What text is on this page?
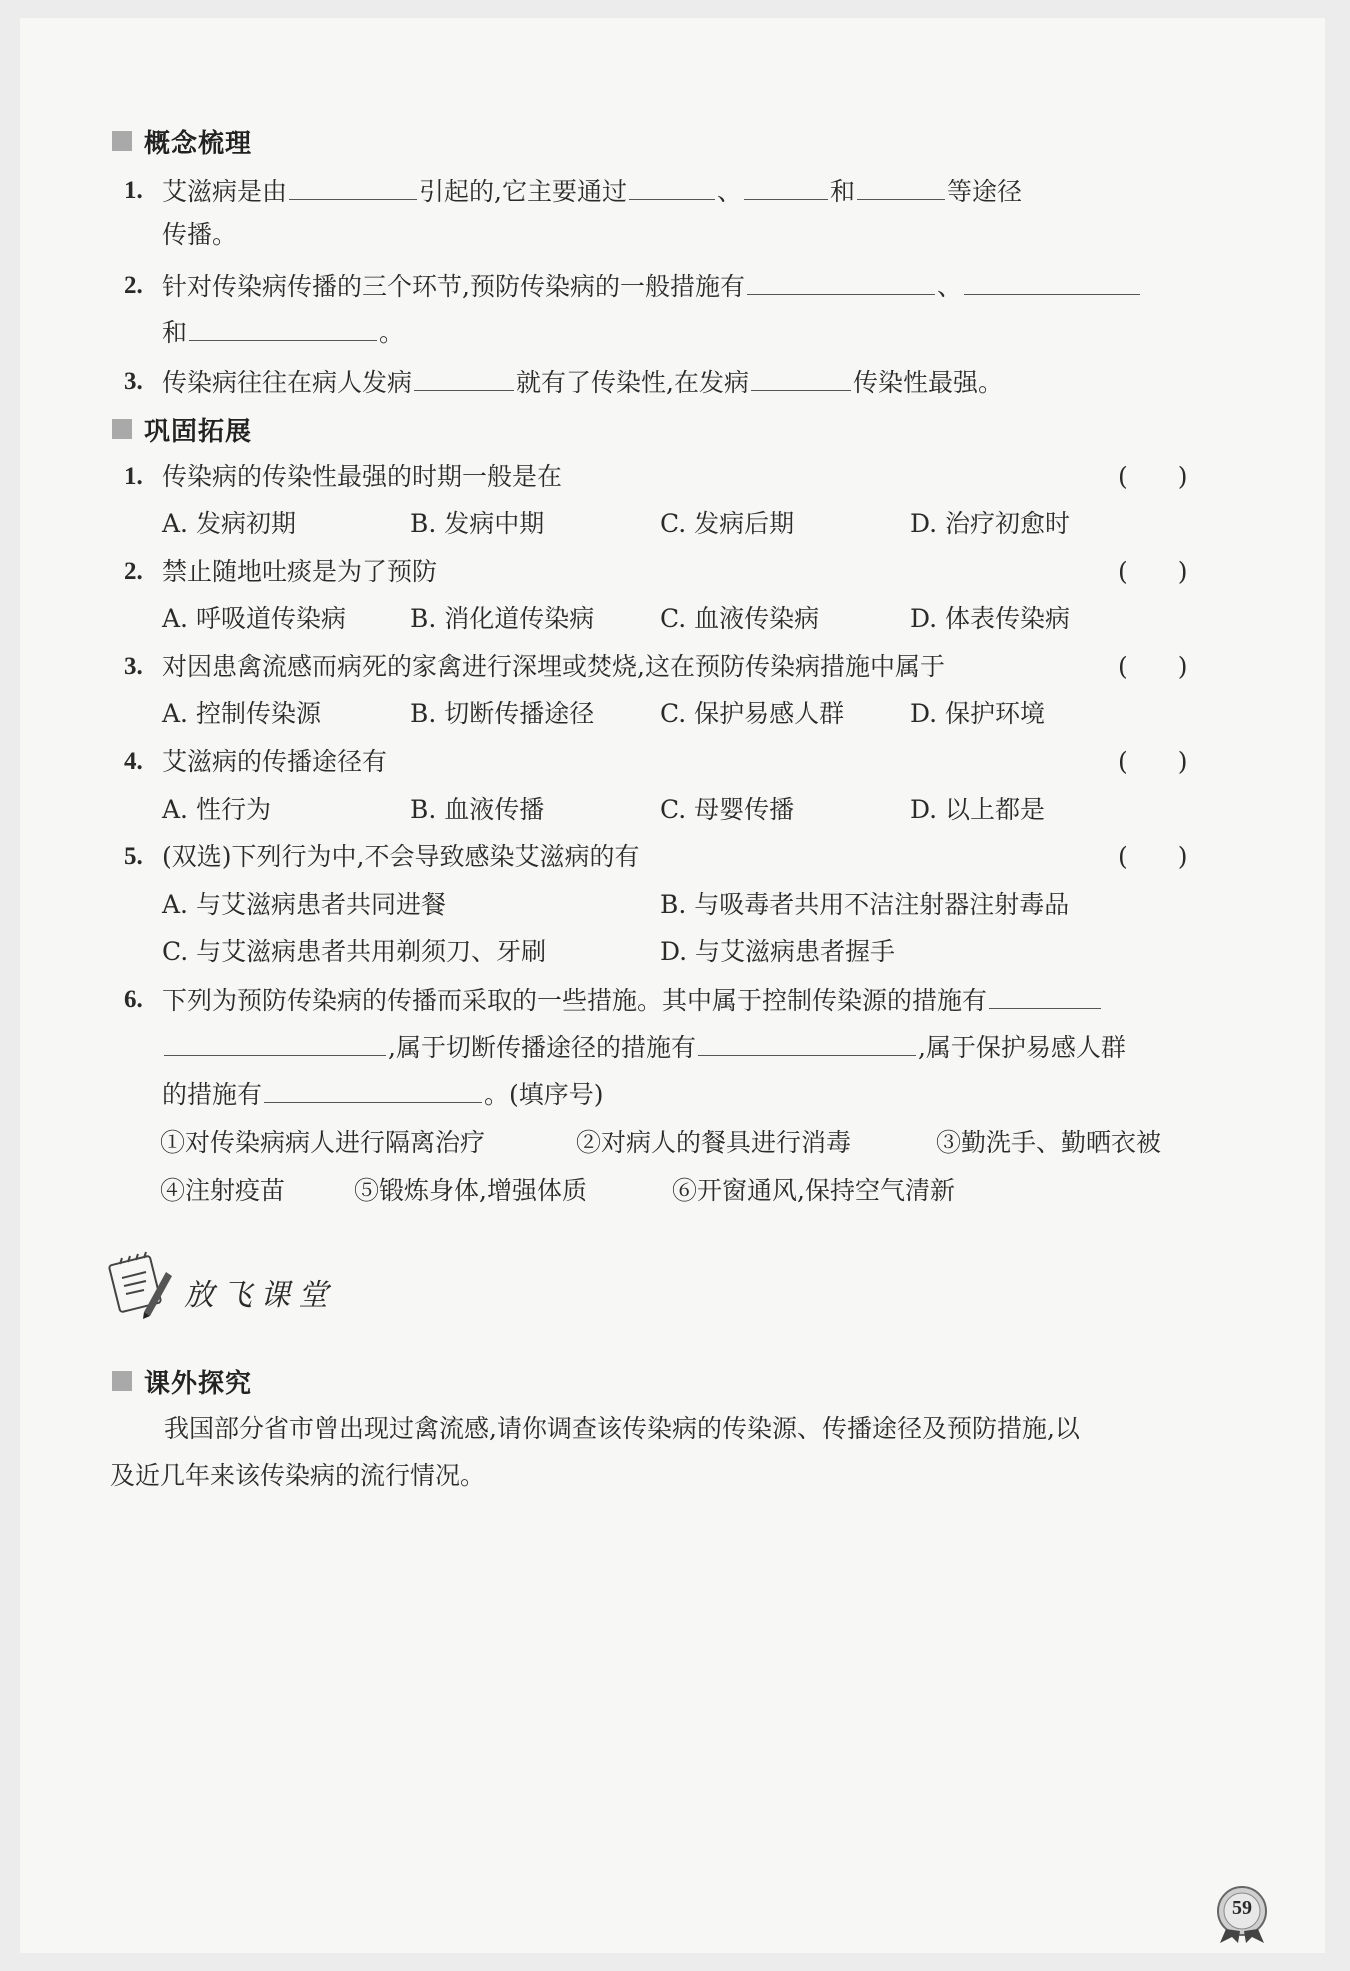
概念梳理
1. 艾滋病是由	引起的,它主要通过	、	和	等途径
传播。
2. 针对传染病传播的三个环节,预防传染病的一般措施有	、
和	。
3. 传染病往往在病人发病	就有了传染性,在发病	传染性最强。
巩固拓展
1. 传染病的传染性最强的时期一般是在	(　　)
A. 发病初期	B. 发病中期	C. 发病后期	D. 治疗初愈时
2. 禁止随地吐痰是为了预防	(　　)
A. 呼吸道传染病	B. 消化道传染病	C. 血液传染病	D. 体表传染病
3. 对因患禽流感而病死的家禽进行深埋或焚烧,这在预防传染病措施中属于	(　　)
A. 控制传染源	B. 切断传播途径	C. 保护易感人群	D. 保护环境
4. 艾滋病的传播途径有	(　　)
A. 性行为	B. 血液传播	C. 母婴传播	D. 以上都是
5. (双选)下列行为中,不会导致感染艾滋病的有	(　　)
A. 与艾滋病患者共同进餐	B. 与吸毒者共用不洁注射器注射毒品
C. 与艾滋病患者共用剃须刀、牙刷	D. 与艾滋病患者握手
6. 下列为预防传染病的传播而采取的一些措施。其中属于控制传染源的措施有
,属于切断传播途径的措施有	,属于保护易感人群
的措施有	。(填序号)
①对传染病病人进行隔离治疗	②对病人的餐具进行消毒	③勤洗手、勤晒衣被
④注射疫苗	⑤锻炼身体,增强体质	⑥开窗通风,保持空气清新
放飞课堂
课外探究
我国部分省市曾出现过禽流感,请你调查该传染病的传染源、传播途径及预防措施,以
及近几年来该传染病的流行情况。
59
